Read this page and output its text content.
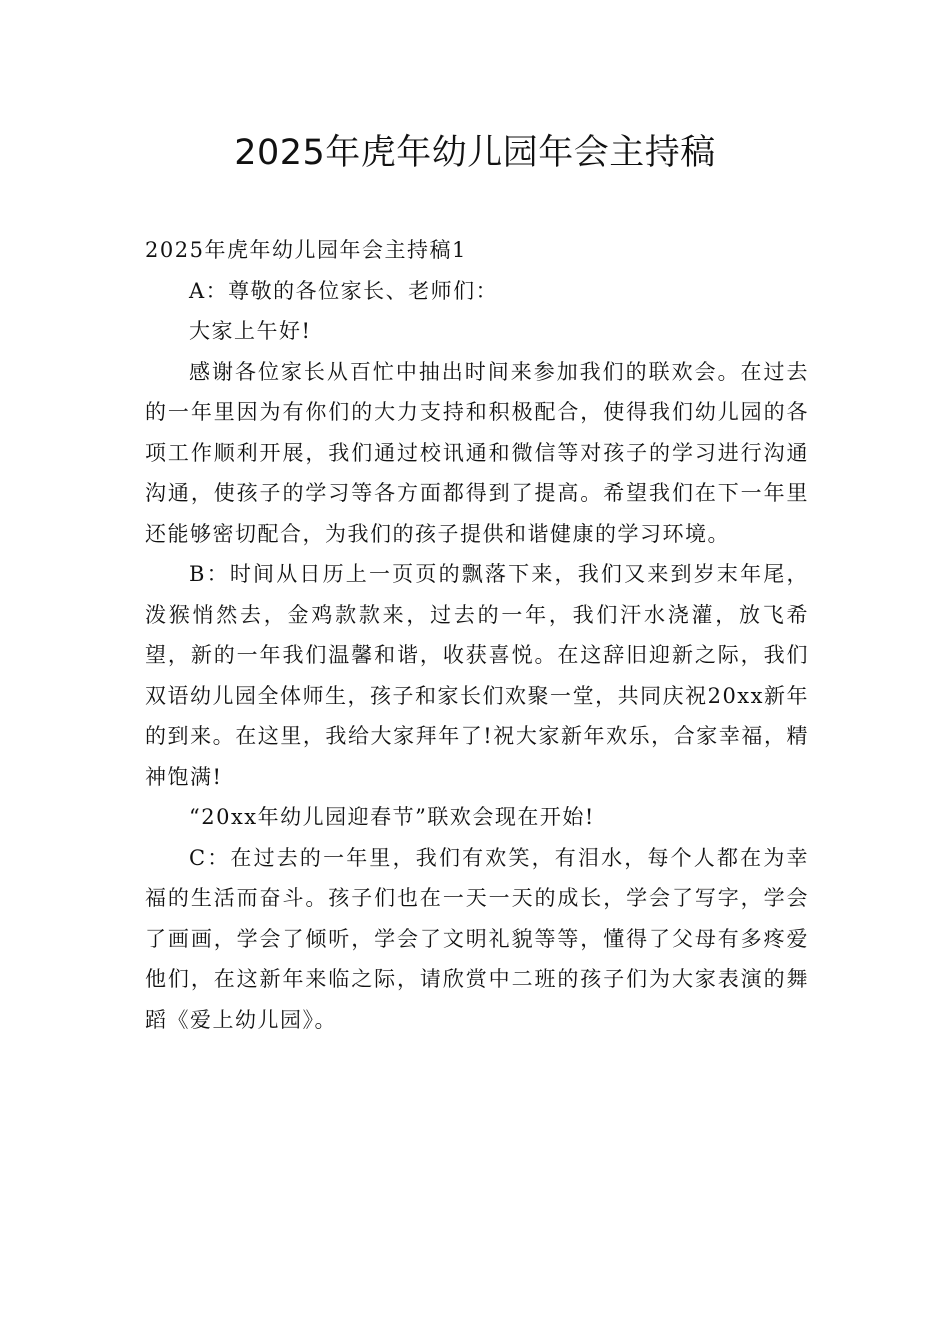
2025年虎年幼儿园年会主持稿

2025年虎年幼儿园年会主持稿1

A：尊敬的各位家长、老师们：

大家上午好!

感谢各位家长从百忙中抽出时间来参加我们的联欢会。在过去的一年里因为有你们的大力支持和积极配合，使得我们幼儿园的各项工作顺利开展，我们通过校讯通和微信等对孩子的学习进行沟通沟通，使孩子的学习等各方面都得到了提高。希望我们在下一年里还能够密切配合，为我们的孩子提供和谐健康的学习环境。

B：时间从日历上一页页的飘落下来，我们又来到岁末年尾，泼猴悄然去，金鸡款款来，过去的一年，我们汗水浇灌，放飞希望，新的一年我们温馨和谐，收获喜悦。在这辞旧迎新之际，我们双语幼儿园全体师生，孩子和家长们欢聚一堂，共同庆祝20xx新年的到来。在这里，我给大家拜年了!祝大家新年欢乐，合家幸福，精神饱满!

“20xx年幼儿园迎春节”联欢会现在开始!

C：在过去的一年里，我们有欢笑，有泪水，每个人都在为幸福的生活而奋斗。孩子们也在一天一天的成长，学会了写字，学会了画画，学会了倾听，学会了文明礼貌等等，懂得了父母有多疼爱他们，在这新年来临之际，请欣赏中二班的孩子们为大家表演的舞蹈《爱上幼儿园》。
